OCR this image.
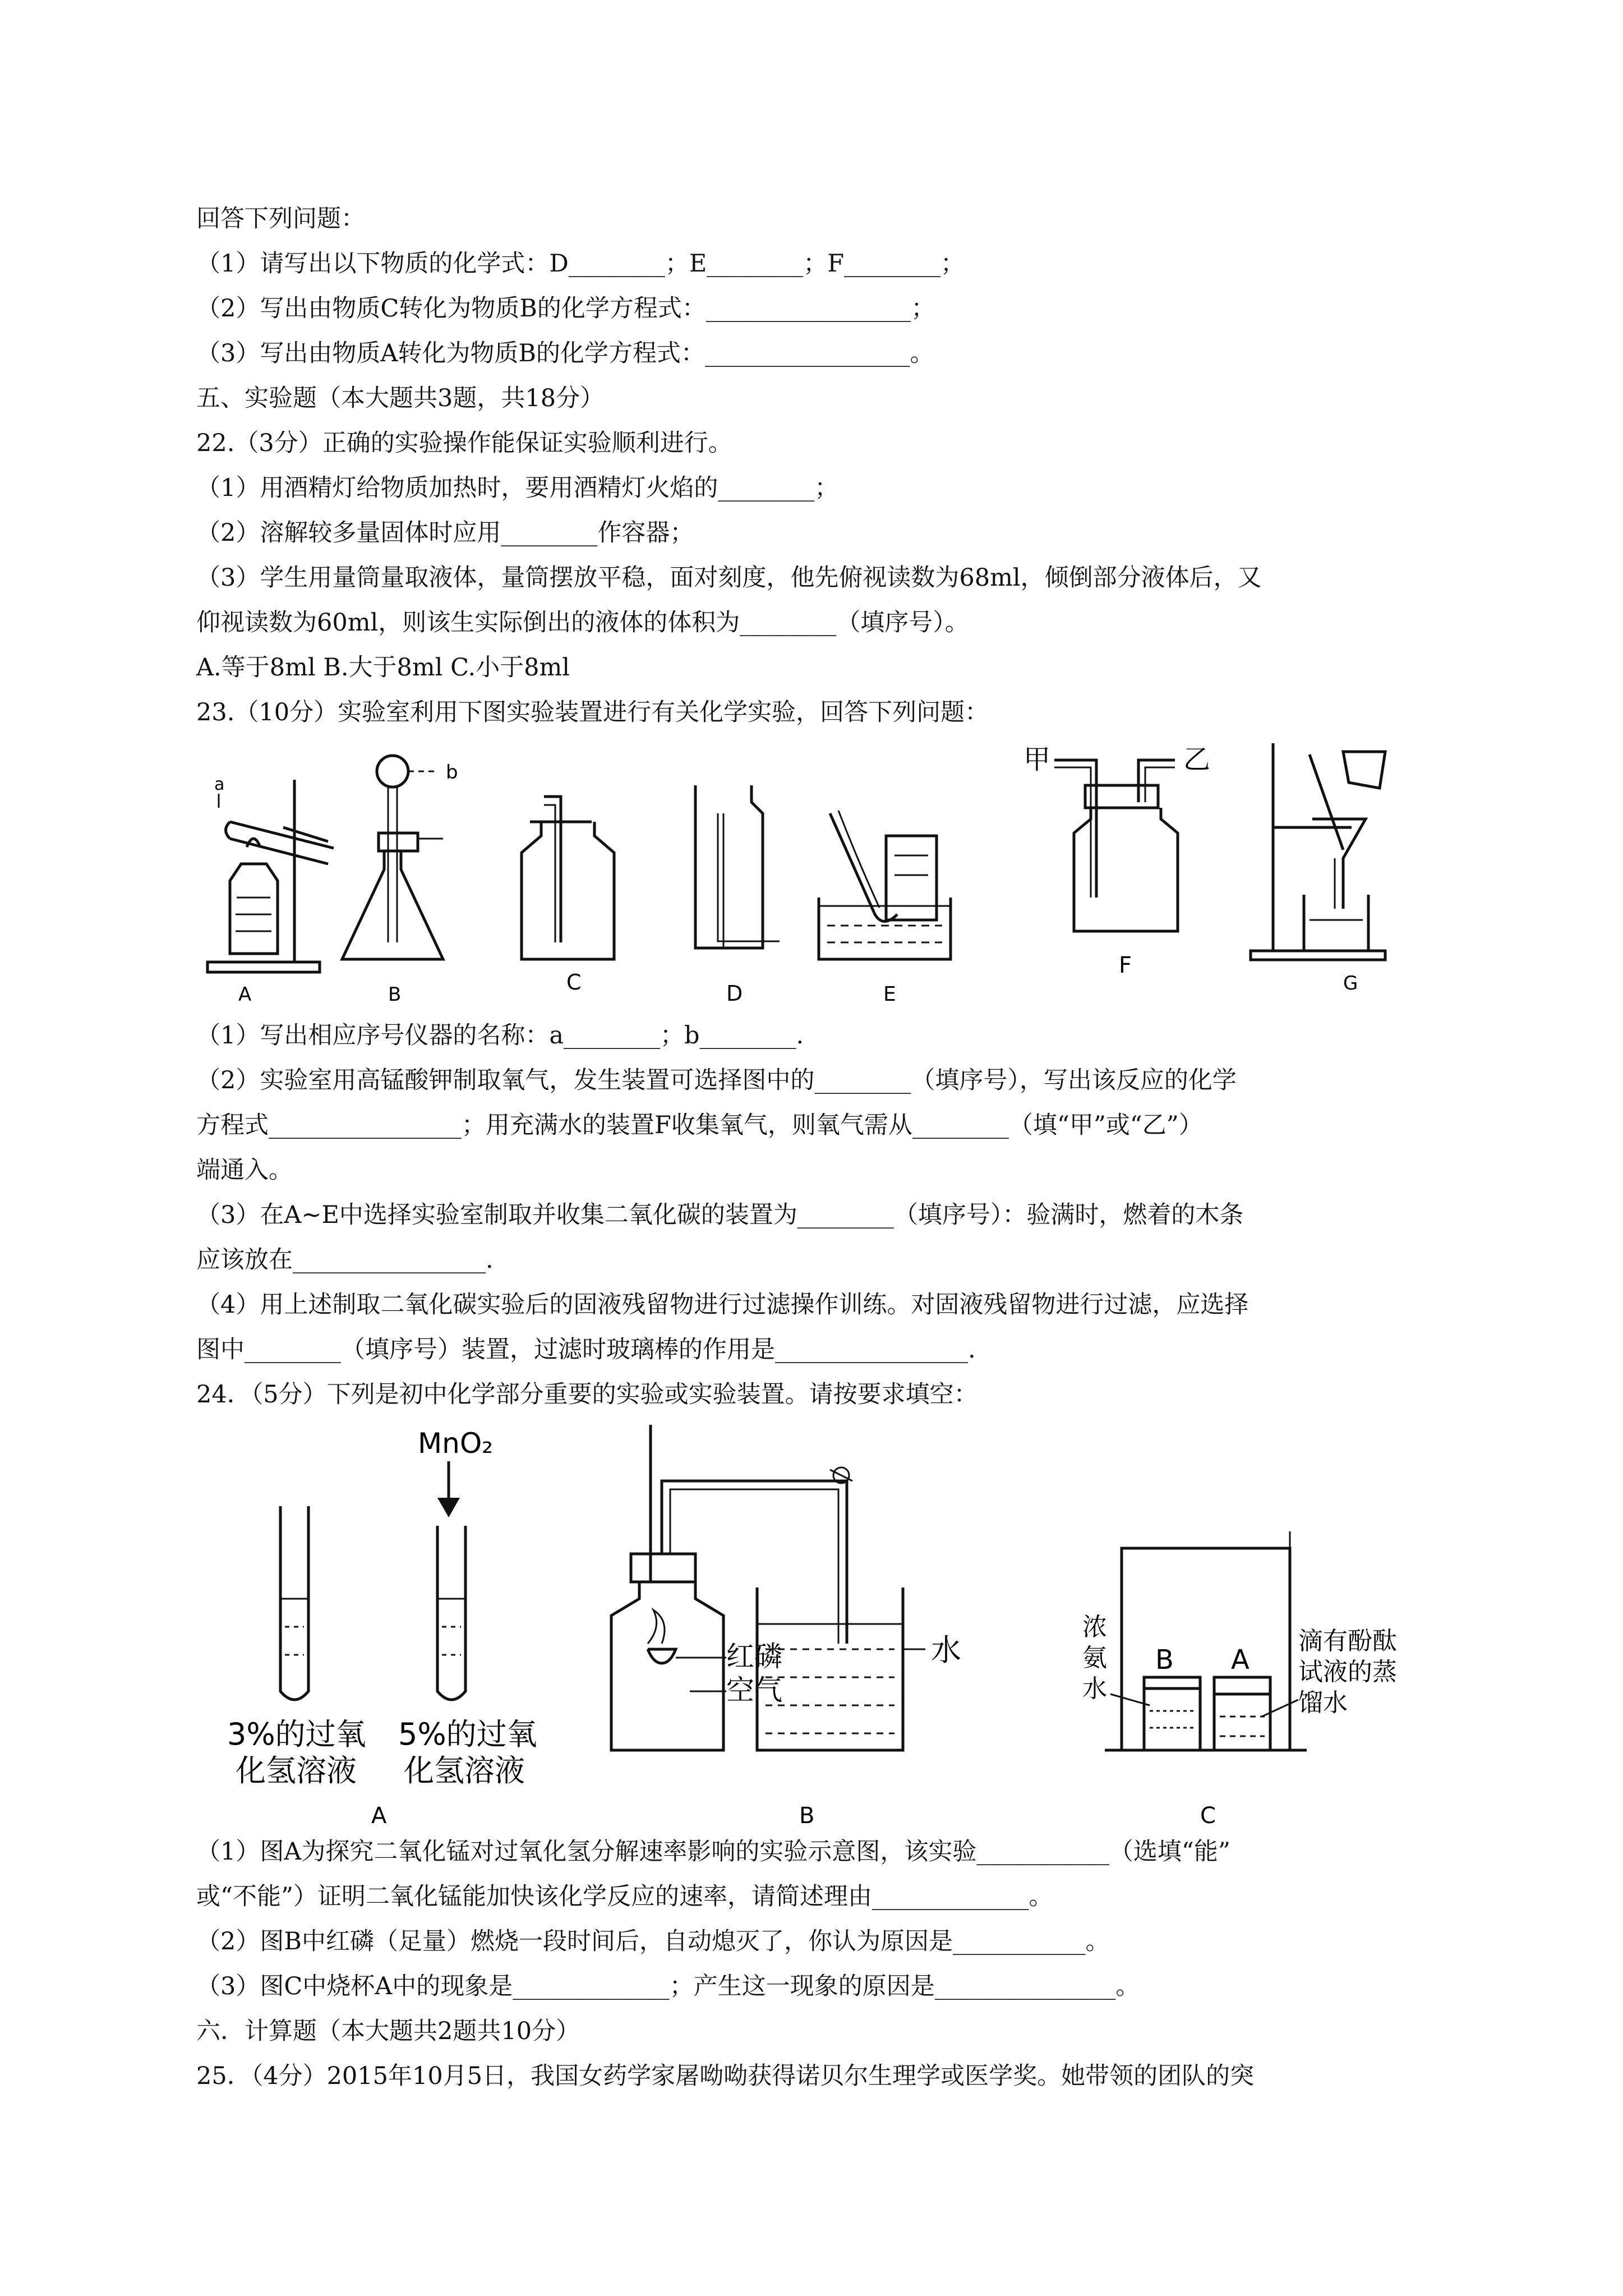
回答下列问题：
（1）请写出以下物质的化学式：D________；E________；F________；
（2）写出由物质C转化为物质B的化学方程式：_________________；
（3）写出由物质A转化为物质B的化学方程式：_________________。
五、实验题（本大题共3题，共18分）
22.（3分）正确的实验操作能保证实验顺利进行。
（1）用酒精灯给物质加热时，要用酒精灯火焰的________；
（2）溶解较多量固体时应用________作容器；
（3）学生用量筒量取液体，量筒摆放平稳，面对刻度，他先俯视读数为68ml，倾倒部分液体后，又
仰视读数为60ml，则该生实际倒出的液体的体积为________（填序号）。
A.等于8ml B.大于8ml C.小于8ml
23.（10分）实验室利用下图实验装置进行有关化学实验，回答下列问题：
a
A
b
B	C	D	E
甲	乙
F
G
（1）写出相应序号仪器的名称：a________；b________.
（2）实验室用高锰酸钾制取氧气，发生装置可选择图中的________（填序号），写出该反应的化学
方程式________________；用充满水的装置F收集氧气，则氧气需从________（填“甲”或“乙”）
端通入。
（3）在A~E中选择实验室制取并收集二氧化碳的装置为________（填序号）：验满时，燃着的木条
应该放在________________.
（4）用上述制取二氧化碳实验后的固液残留物进行过滤操作训练。对固液残留物进行过滤，应选择
图中________（填序号）装置，过滤时玻璃棒的作用是________________.
24．（5分）下列是初中化学部分重要的实验或实验装置。请按要求填空：
MnO₂
3%的过氧
化氢溶液
5%的过氧
化氢溶液
A
红磷
空气
水
B
B A
浓
氨
水
滴有酚酞
试液的蒸
馏水
C
（1）图A为探究二氧化锰对过氧化氢分解速率影响的实验示意图，该实验___________（选填“能”
或“不能”）证明二氧化锰能加快该化学反应的速率，请简述理由_____________。
（2）图B中红磷（足量）燃烧一段时间后，自动熄灭了，你认为原因是___________。
（3）图C中烧杯A中的现象是_____________；产生这一现象的原因是_______________。
六．计算题（本大题共2题共10分）
25．（4分）2015年10月5日，我国女药学家屠呦呦获得诺贝尔生理学或医学奖。她带领的团队的突
